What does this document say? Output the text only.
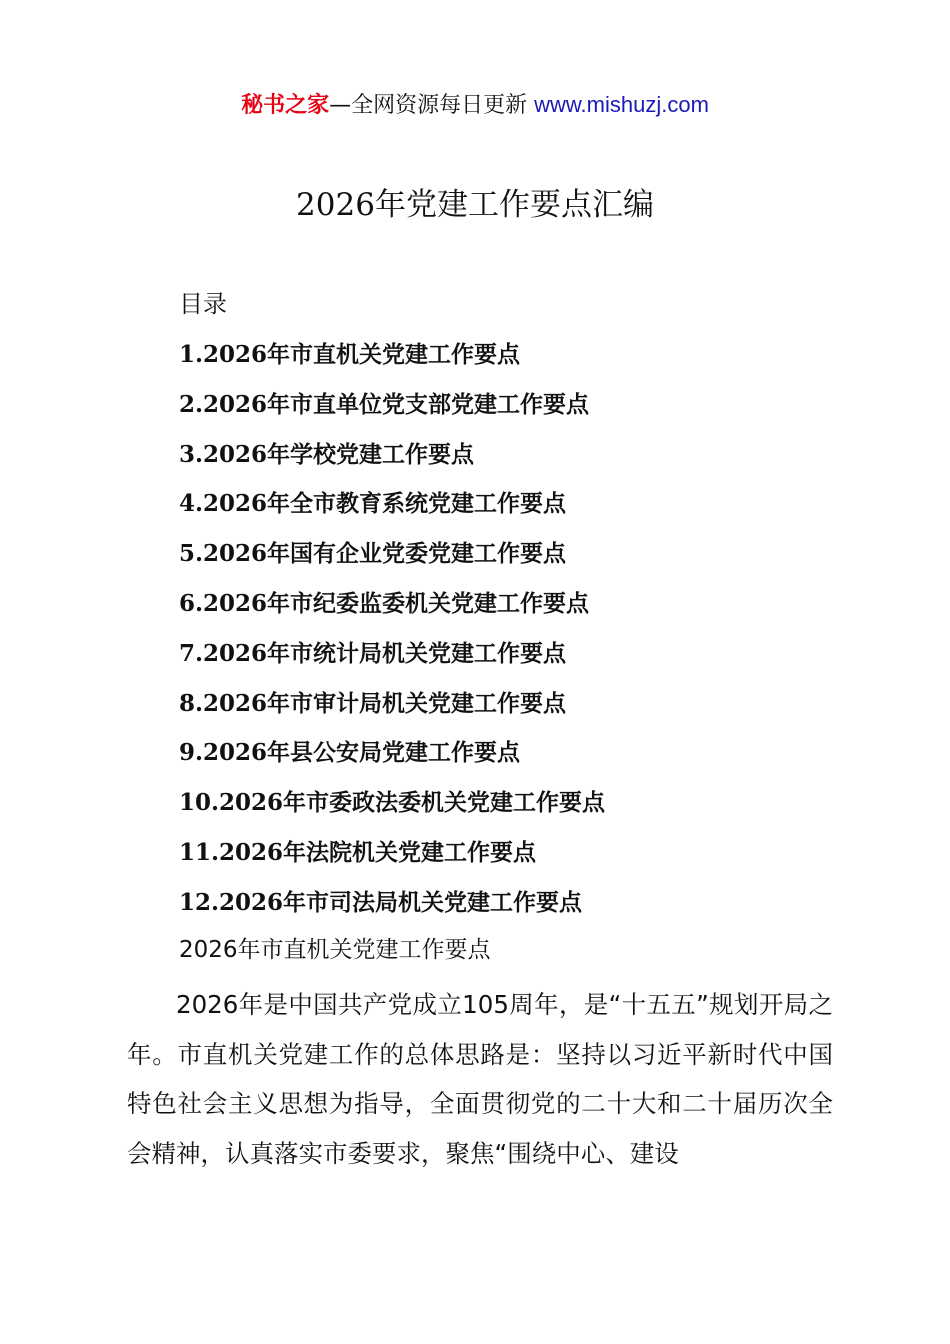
秘书之家—全网资源每日更新 www.mishuzj.com
2026年党建工作要点汇编
目录
1.2026年市直机关党建工作要点
2.2026年市直单位党支部党建工作要点
3.2026年学校党建工作要点
4.2026年全市教育系统党建工作要点
5.2026年国有企业党委党建工作要点
6.2026年市纪委监委机关党建工作要点
7.2026年市统计局机关党建工作要点
8.2026年市审计局机关党建工作要点
9.2026年县公安局党建工作要点
10.2026年市委政法委机关党建工作要点
11.2026年法院机关党建工作要点
12.2026年市司法局机关党建工作要点
2026年市直机关党建工作要点

2026年是中国共产党成立105周年，是“十五五”规划开局之年。市直机关党建工作的总体思路是：坚持以习近平新时代中国特色社会主义思想为指导，全面贯彻党的二十大和二十届历次全会精神，认真落实市委要求，聚焦“围绕中心、建设
